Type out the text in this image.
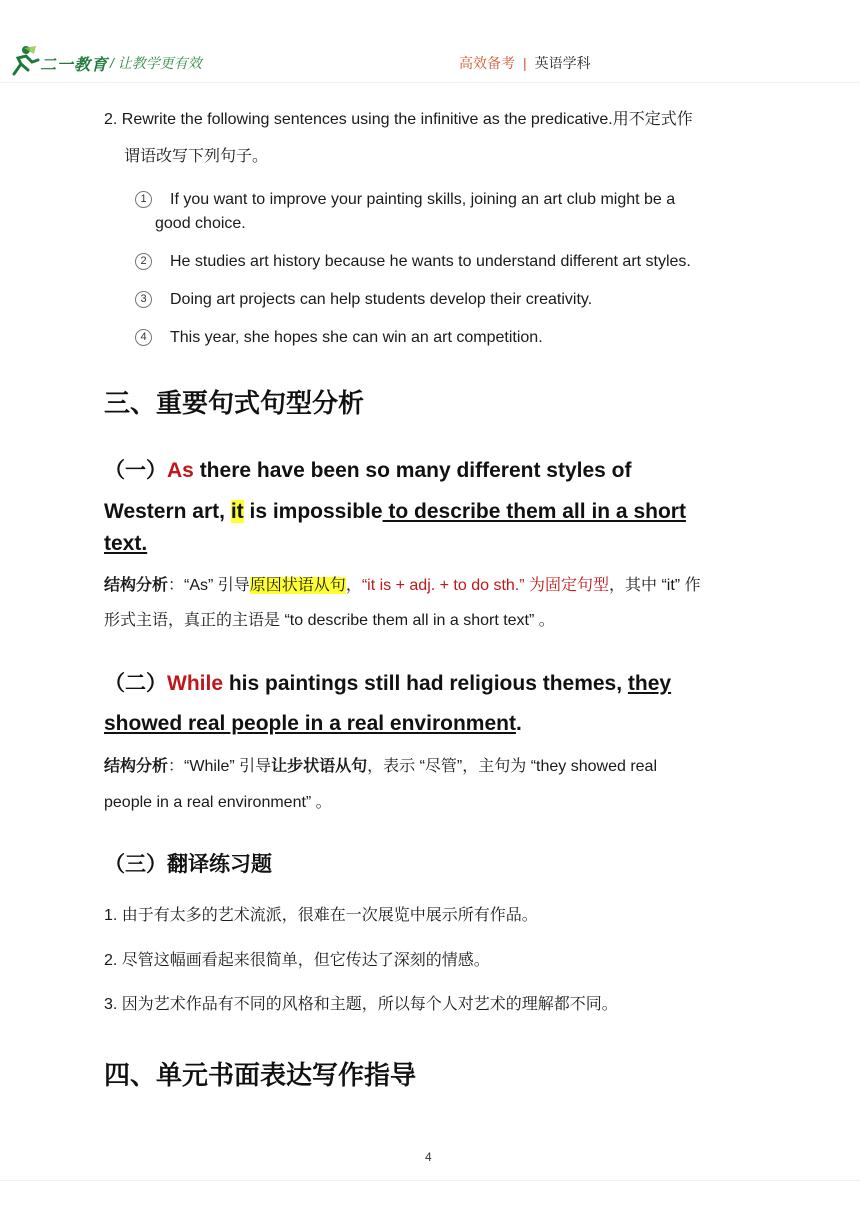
二一教育 / 让教学更有效	高效备考 | 英语学科
2. Rewrite the following sentences using the infinitive as the predicative.用不定式作
谓语改写下列句子。
1	If you want to improve your painting skills, joining an art club might be a
good choice.
2	He studies art history because he wants to understand different art styles.
3	Doing art projects can help students develop their creativity.
4	This year, she hopes she can win an art competition.
三、重要句式句型分析
（一）As there have been so many different styles of
Western art, it is impossible to describe them all in a short
text.
结构分析：“As” 引导原因状语从句，“it is + adj. + to do sth.” 为固定句型，其中 “it” 作
形式主语，真正的主语是 “to describe them all in a short text” 。
（二）While his paintings still had religious themes, they
showed real people in a real environment.
结构分析：“While” 引导让步状语从句，表示 “尽管”，主句为 “they showed real
people in a real environment” 。
（三）翻译练习题
1. 由于有太多的艺术流派，很难在一次展览中展示所有作品。
2. 尽管这幅画看起来很简单，但它传达了深刻的情感。
3. 因为艺术作品有不同的风格和主题，所以每个人对艺术的理解都不同。
四、单元书面表达写作指导
4
